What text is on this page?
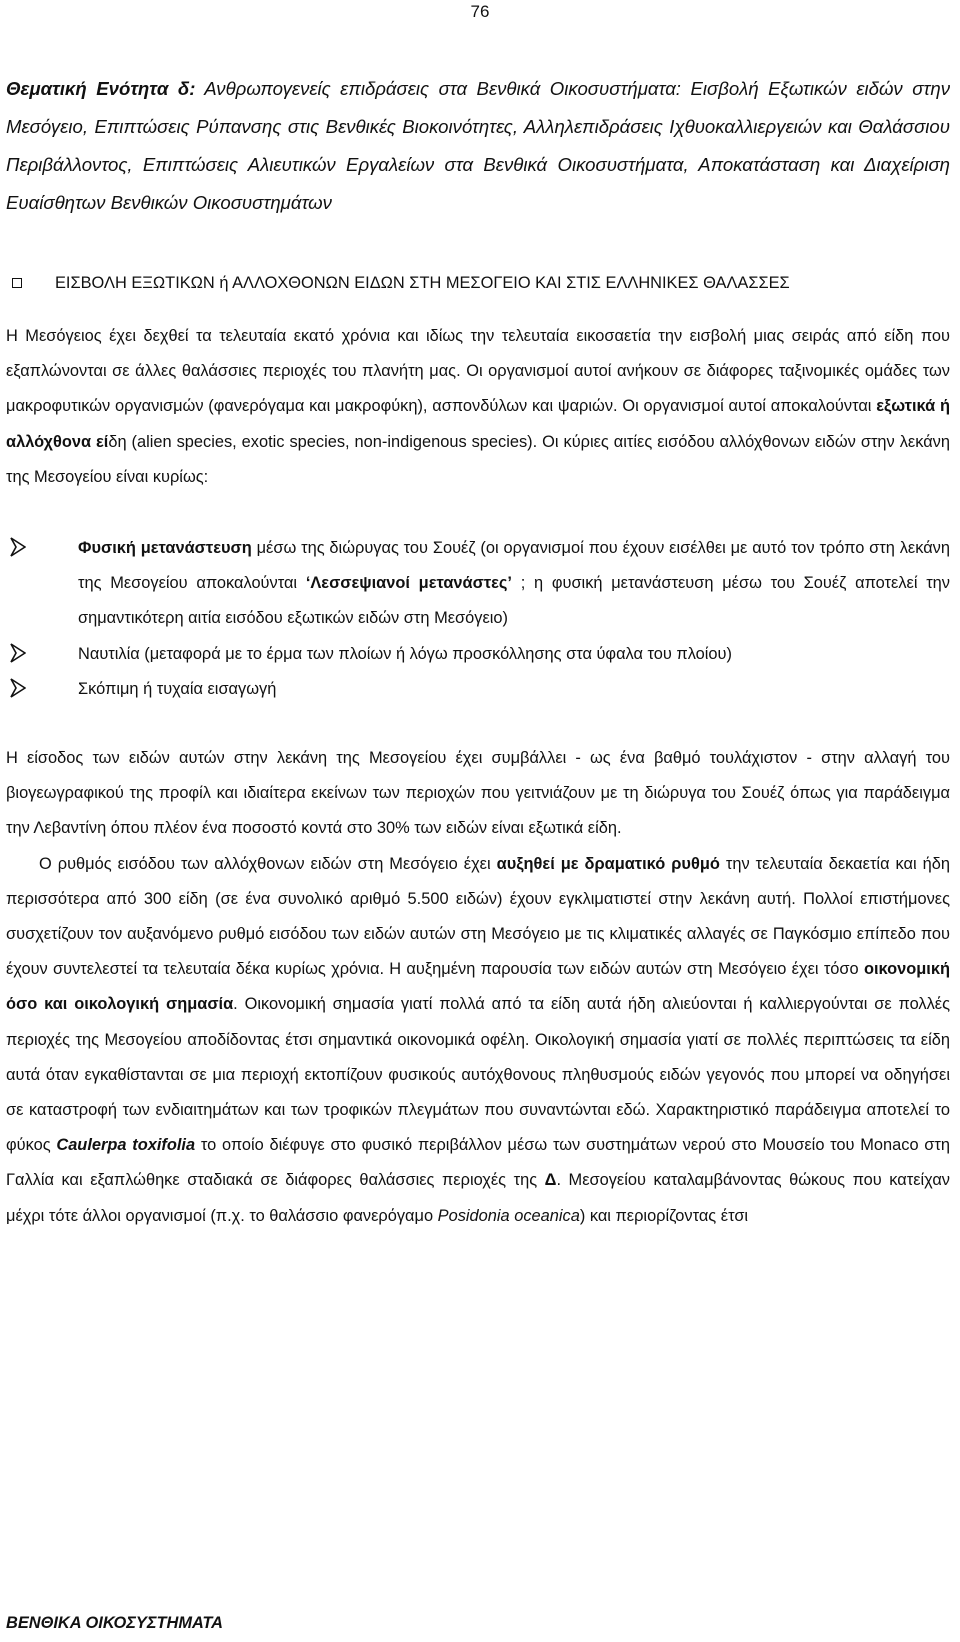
76

Θεματική Ενότητα δ: Ανθρωπογενείς επιδράσεις στα Βενθικά Οικοσυστήματα: Εισβολή Εξωτικών ειδών στην Μεσόγειο, Επιπτώσεις Ρύπανσης στις Βενθικές Βιοκοινότητες, Αλληλεπιδράσεις Ιχθυοκαλλιεργειών και Θαλάσσιου Περιβάλλοντος, Επιπτώσεις Αλιευτικών Εργαλείων στα Βενθικά Οικοσυστήματα, Αποκατάσταση και Διαχείριση Ευαίσθητων Βενθικών Οικοσυστημάτων

ΕΙΣΒΟΛΗ ΕΞΩΤΙΚΩΝ ή ΑΛΛΟΧΘΟΝΩΝ ΕΙΔΩΝ ΣΤΗ ΜΕΣΟΓΕΙΟ ΚΑΙ ΣΤΙΣ ΕΛΛΗΝΙΚΕΣ ΘΑΛΑΣΣΕΣ

Η Μεσόγειος έχει δεχθεί τα τελευταία εκατό χρόνια και ιδίως την τελευταία εικοσαετία την εισβολή μιας σειράς από είδη που εξαπλώνονται σε άλλες θαλάσσιες περιοχές του πλανήτη μας. Οι οργανισμοί αυτοί ανήκουν σε διάφορες ταξινομικές ομάδες των μακροφυτικών οργανισμών (φανερόγαμα και μακροφύκη), ασπονδύλων και ψαριών. Οι οργανισμοί αυτοί αποκαλούνται εξωτικά ή αλλόχθονα είδη (alien species, exotic species, non-indigenous species). Οι κύριες αιτίες εισόδου αλλόχθονων ειδών στην λεκάνη της Μεσογείου είναι κυρίως:

Φυσική μετανάστευση μέσω της διώρυγας του Σουέζ (οι οργανισμοί που έχουν εισέλθει με αυτό τον τρόπο στη λεκάνη της Μεσογείου αποκαλούνται ‘Λεσσεψιανοί μετανάστες’ ; η φυσική μετανάστευση μέσω του Σουέζ αποτελεί την σημαντικότερη αιτία εισόδου εξωτικών ειδών στη Μεσόγειο)
Ναυτιλία (μεταφορά με το έρμα των πλοίων ή λόγω προσκόλλησης στα ύφαλα του πλοίου)
Σκόπιμη ή τυχαία εισαγωγή

Η είσοδος των ειδών αυτών στην λεκάνη της Μεσογείου έχει συμβάλλει - ως ένα βαθμό τουλάχιστον - στην αλλαγή του βιογεωγραφικού της προφίλ και ιδιαίτερα εκείνων των περιοχών που γειτνιάζουν με τη διώρυγα του Σουέζ όπως για παράδειγμα την Λεβαντίνη όπου πλέον ένα ποσοστό κοντά στο 30% των ειδών είναι εξωτικά είδη.

Ο ρυθμός εισόδου των αλλόχθονων ειδών στη Μεσόγειο έχει αυξηθεί με δραματικό ρυθμό την τελευταία δεκαετία και ήδη περισσότερα από 300 είδη (σε ένα συνολικό αριθμό 5.500 ειδών) έχουν εγκλιματιστεί στην λεκάνη αυτή. Πολλοί επιστήμονες συσχετίζουν τον αυξανόμενο ρυθμό εισόδου των ειδών αυτών στη Μεσόγειο με τις κλιματικές αλλαγές σε Παγκόσμιο επίπεδο που έχουν συντελεστεί τα τελευταία δέκα κυρίως χρόνια. Η αυξημένη παρουσία των ειδών αυτών στη Μεσόγειο έχει τόσο οικονομική όσο και οικολογική σημασία. Οικονομική σημασία γιατί πολλά από τα είδη αυτά ήδη αλιεύονται ή καλλιεργούνται σε πολλές περιοχές της Μεσογείου αποδίδοντας έτσι σημαντικά οικονομικά οφέλη. Οικολογική σημασία γιατί σε πολλές περιπτώσεις τα είδη αυτά όταν εγκαθίστανται σε μια περιοχή εκτοπίζουν φυσικούς αυτόχθονους πληθυσμούς ειδών γεγονός που μπορεί να οδηγήσει σε καταστροφή των ενδιαιτημάτων και των τροφικών πλεγμάτων που συναντώνται εδώ. Χαρακτηριστικό παράδειγμα αποτελεί το φύκος Caulerpa toxifolia το οποίο διέφυγε στο φυσικό περιβάλλον μέσω των συστημάτων νερού στο Μουσείο του Monaco στη Γαλλία και εξαπλώθηκε σταδιακά σε διάφορες θαλάσσιες περιοχές της Δ. Μεσογείου καταλαμβάνοντας θώκους που κατείχαν μέχρι τότε άλλοι οργανισμοί (π.χ. το θαλάσσιο φανερόγαμο Posidonia oceanica) και περιορίζοντας έτσι

ΒΕΝΘΙΚΑ ΟΙΚΟΣΥΣΤΗΜΑΤΑ
